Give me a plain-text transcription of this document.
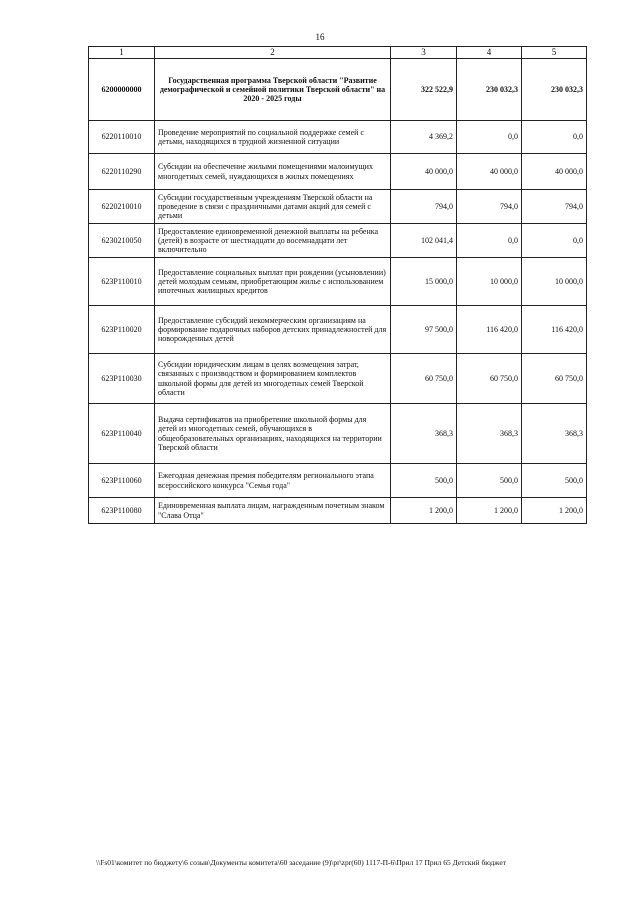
16
1	2	3	4	5
6200000000	Государственная программа Тверской области "Развитие демографической и семейной политики Тверской области" на 2020 - 2025 годы	322 522,9	230 032,3	230 032,3
6220110010	Проведение мероприятий по социальной поддержке семей с детьми, находящихся в трудной жизненной ситуации	4 369,2	0,0	0,0
6220110290	Субсидии на обеспечение жилыми помещениями малоимущих многодетных семей, нуждающихся в жилых помещениях	40 000,0	40 000,0	40 000,0
6220210010	Субсидии государственным учреждениям Тверской области на проведение в связи с праздничными датами акций для семей с детьми	794,0	794,0	794,0
6230210050	Предоставление единовременной денежной выплаты на ребенка (детей) в возрасте от шестнадцати до восемнадцати лет включительно	102 041,4	0,0	0,0
623P110010	Предоставление социальных выплат при рождении (усыновлении) детей молодым семьям, приобретающим жилье с использованием ипотечных жилищных кредитов	15 000,0	10 000,0	10 000,0
623P110020	Предоставление субсидий некоммерческим организациям на формирование подарочных наборов детских принадлежностей для новорожденных детей	97 500,0	116 420,0	116 420,0
623P110030	Субсидии юридическим лицам в целях возмещения затрат, связанных с производством и формированием комплектов школьной формы для детей из многодетных семей Тверской области	60 750,0	60 750,0	60 750,0
623P110040	Выдача сертификатов на приобретение школьной формы для детей из многодетных семей, обучающихся в общеобразовательных организациях, находящихся на территории Тверской области	368,3	368,3	368,3
623P110060	Ежегодная денежная премия победителям регионального этапа всероссийского конкурса "Семья года"	500,0	500,0	500,0
623P110080	Единовременная выплата лицам, награжденным почетным знаком "Слава Отца"	1 200,0	1 200,0	1 200,0
\\Fs01\комитет по бюджету\6 созыв\Документы комитета\60 заседание (9)\pr\zpr(60) 1117-П-6\Прил 17 Прил 65 Детский бюджет
